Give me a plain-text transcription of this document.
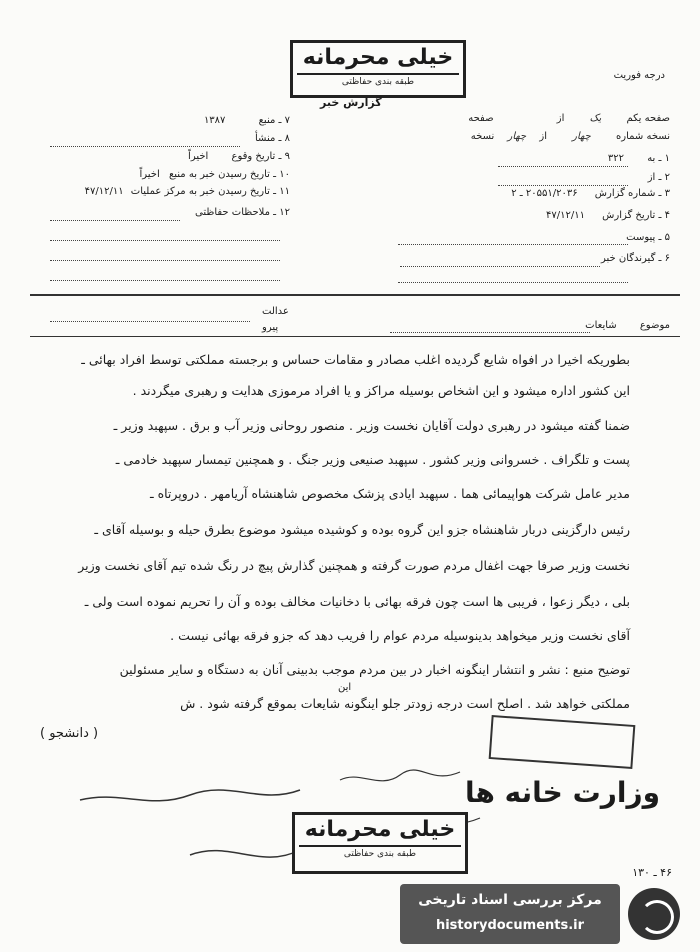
خیلی محرمانه
طبقه بندی حفاظتی
درجه فوریت
گزارش خبر
صفحه یکم یک از صفحه
نسخه شماره چهار از چهار نسخه
۱ ـ به ۳۲۲
۲ ـ از
۳ ـ شماره گزارش ۲۰۵۵۱/۲۰۳۶ ـ ۲
۴ ـ تاریخ گزارش ۴۷/۱۲/۱۱
۵ ـ پیوست
۶ ـ گیرندگان خبر
۷ ـ منبع ۱۳۸۷
۸ ـ منشأ
۹ ـ تاریخ وقوع اخیراً
۱۰ ـ تاریخ رسیدن خبر به منبع اخیراً
۱۱ ـ تاریخ رسیدن خبر به مرکز عملیات ۴۷/۱۲/۱۱
۱۲ ـ ملاحظات حفاظتی
موضوع شایعات
عدالت
پیرو
بطوریکه اخیرا در افواه شایع گردیده اغلب مصادر و مقامات حساس و برجسته مملکتی توسط افراد بهائی ـ
این کشور اداره میشود و این اشخاص بوسیله مراکز و یا افراد مرموزی هدایت و رهبری میگردند .
ضمنا گفته میشود در رهبری دولت آقایان نخست وزیر . منصور روحانی وزیر آب و برق . سپهبد وزیر ـ
پست و تلگراف . خسروانی وزیر کشور . سپهبد صنیعی وزیر جنگ . و همچنین تیمسار سپهبد خادمی ـ
مدیر عامل شرکت هواپیمائی هما . سپهبد ایادی پزشک مخصوص شاهنشاه آریامهر . دروپرتاه ـ
رئیس دارگزینی دربار شاهنشاه جزو این گروه بوده و کوشیده میشود موضوع بطرق حیله و بوسیله آقای ـ
نخست وزیر صرفا جهت اغفال مردم صورت گرفته و همچنین گذارش پیچ در رنگ شده تیم آقای نخست وزیر
بلی ، دیگر زعوا ، فریبی ها است چون فرقه بهائی با دخانیات مخالف بوده و آن را تحریم نموده است ولی ـ
آقای نخست وزیر میخواهد بدینوسیله مردم عوام را فریب دهد که جزو فرقه بهائی نیست .
توضیح منبع : نشر و انتشار اینگونه اخبار در بین مردم موجب بدبینی آنان به دستگاه و سایر مسئولین
این
مملکتی خواهد شد . اصلح است درجه زودتر جلو اینگونه شایعات بموقع گرفته شود . ش
( دانشجو )
وزارت خانه ها
خیلی محرمانه
طبقه بندی حفاظتی
۴۶ ـ ۱۳۰
مرکز بررسی اسناد تاریخی
historydocuments.ir
